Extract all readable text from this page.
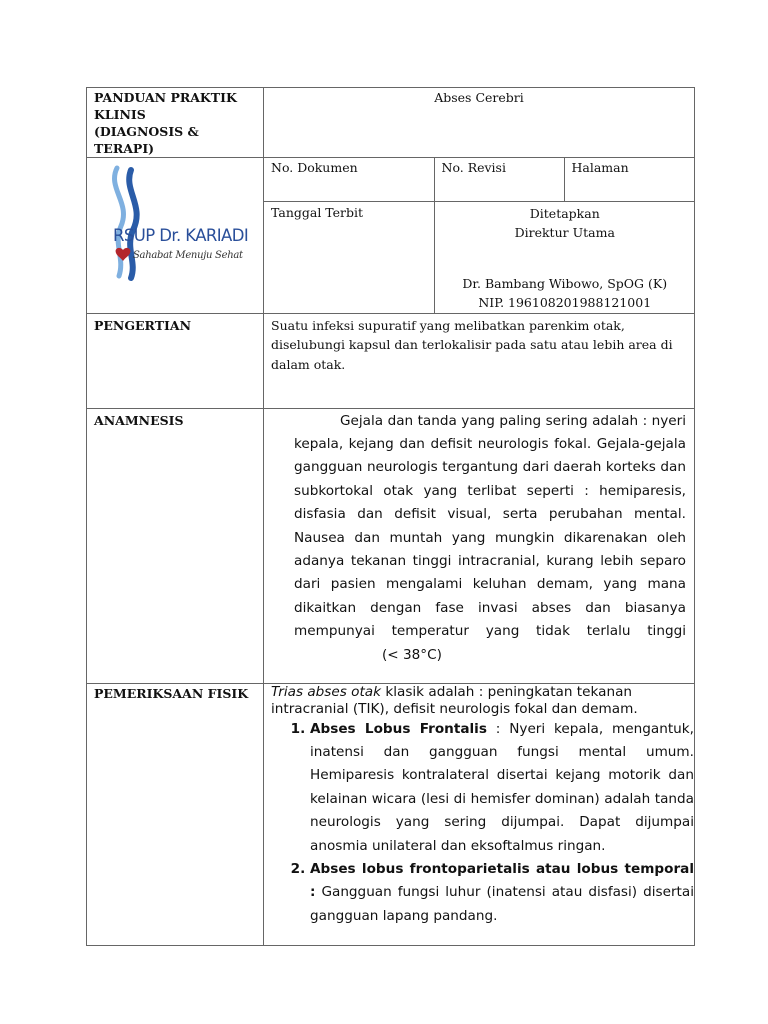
PANDUAN PRAKTIK
KLINIS
(DIAGNOSIS & TERAPI)

Abses Cerebri

RSUP Dr. KARIADI
Sahabat Menuju Sehat

No. Dokumen	No. Revisi	Halaman

Tanggal Terbit	Ditetapkan
Direktur Utama
Dr. Bambang Wibowo, SpOG (K)
NIP. 196108201988121001

PENGERTIAN	Suatu infeksi supuratif yang melibatkan parenkim otak,
diselubungi kapsul dan terlokalisir pada satu atau lebih area di
dalam otak.

ANAMNESIS	Gejala dan tanda yang paling sering adalah : nyeri kepala, kejang dan defisit neurologis fokal. Gejala-gejala gangguan neurologis tergantung dari daerah korteks dan subkortokal otak yang terlibat seperti : hemiparesis, disfasia dan defisit visual, serta perubahan mental. Nausea dan muntah yang mungkin dikarenakan oleh adanya tekanan tinggi intracranial, kurang lebih separo dari pasien mengalami keluhan demam, yang mana dikaitkan dengan fase invasi abses dan biasanya mempunyai temperatur yang tidak terlalu tinggi(< 38°C)

PEMERIKSAAN FISIK	Trias abses otak klasik adalah : peningkatan tekanan
intracranial (TIK), defisit neurologis fokal dan demam.
1. Abses Lobus Frontalis : Nyeri kepala, mengantuk, inatensi dan gangguan fungsi mental umum. Hemiparesis kontralateral disertai kejang motorik dan kelainan wicara (lesi di hemisfer dominan) adalah tanda neurologis yang sering dijumpai. Dapat dijumpai anosmia unilateral dan eksoftalmus ringan.
2. Abses lobus frontoparietalis atau lobus temporal : Gangguan fungsi luhur (inatensi atau disfasi) disertai gangguan lapang pandang.
